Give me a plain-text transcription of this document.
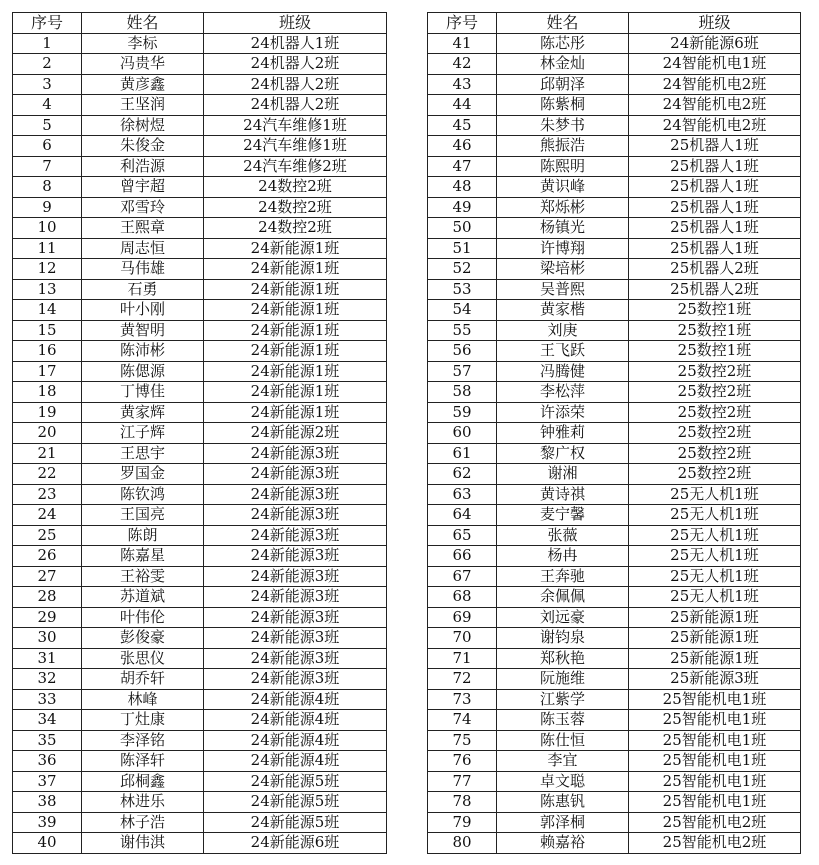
序号	姓名	班级
1	李标	24机器人1班
2	冯贵华	24机器人2班
3	黄彦鑫	24机器人2班
4	王坚润	24机器人2班
5	徐树煜	24汽车维修1班
6	朱俊金	24汽车维修1班
7	利浩源	24汽车维修2班
8	曾宇超	24数控2班
9	邓雪玲	24数控2班
10	王熙章	24数控2班
11	周志恒	24新能源1班
12	马伟雄	24新能源1班
13	石勇	24新能源1班
14	叶小刚	24新能源1班
15	黄智明	24新能源1班
16	陈沛彬	24新能源1班
17	陈偲源	24新能源1班
18	丁博佳	24新能源1班
19	黄家辉	24新能源1班
20	江子辉	24新能源2班
21	王思宇	24新能源3班
22	罗国金	24新能源3班
23	陈钦鸿	24新能源3班
24	王国亮	24新能源3班
25	陈朗	24新能源3班
26	陈嘉星	24新能源3班
27	王裕雯	24新能源3班
28	苏道斌	24新能源3班
29	叶伟伦	24新能源3班
30	彭俊豪	24新能源3班
31	张思仪	24新能源3班
32	胡乔轩	24新能源3班
33	林峰	24新能源4班
34	丁灶康	24新能源4班
35	李泽铭	24新能源4班
36	陈泽轩	24新能源4班
37	邱桐鑫	24新能源5班
38	林进乐	24新能源5班
39	林子浩	24新能源5班
40	谢伟淇	24新能源6班
序号	姓名	班级
41	陈芯彤	24新能源6班
42	林金灿	24智能机电1班
43	邱朝泽	24智能机电2班
44	陈紫桐	24智能机电2班
45	朱梦书	24智能机电2班
46	熊振浩	25机器人1班
47	陈熙明	25机器人1班
48	黄识峰	25机器人1班
49	郑烁彬	25机器人1班
50	杨镇光	25机器人1班
51	许博翔	25机器人1班
52	梁培彬	25机器人2班
53	吴普熙	25机器人2班
54	黄家楷	25数控1班
55	刘庚	25数控1班
56	王飞跃	25数控1班
57	冯腾健	25数控2班
58	李松萍	25数控2班
59	许添荣	25数控2班
60	钟雅莉	25数控2班
61	黎广权	25数控2班
62	谢湘	25数控2班
63	黄诗祺	25无人机1班
64	麦宁馨	25无人机1班
65	张薇	25无人机1班
66	杨冉	25无人机1班
67	王奔驰	25无人机1班
68	余佩佩	25无人机1班
69	刘远豪	25新能源1班
70	谢钧泉	25新能源1班
71	郑秋艳	25新能源1班
72	阮施维	25新能源3班
73	江紫学	25智能机电1班
74	陈玉蓉	25智能机电1班
75	陈仕恒	25智能机电1班
76	李宜	25智能机电1班
77	卓文聪	25智能机电1班
78	陈惠钒	25智能机电1班
79	郭泽桐	25智能机电2班
80	赖嘉裕	25智能机电2班
